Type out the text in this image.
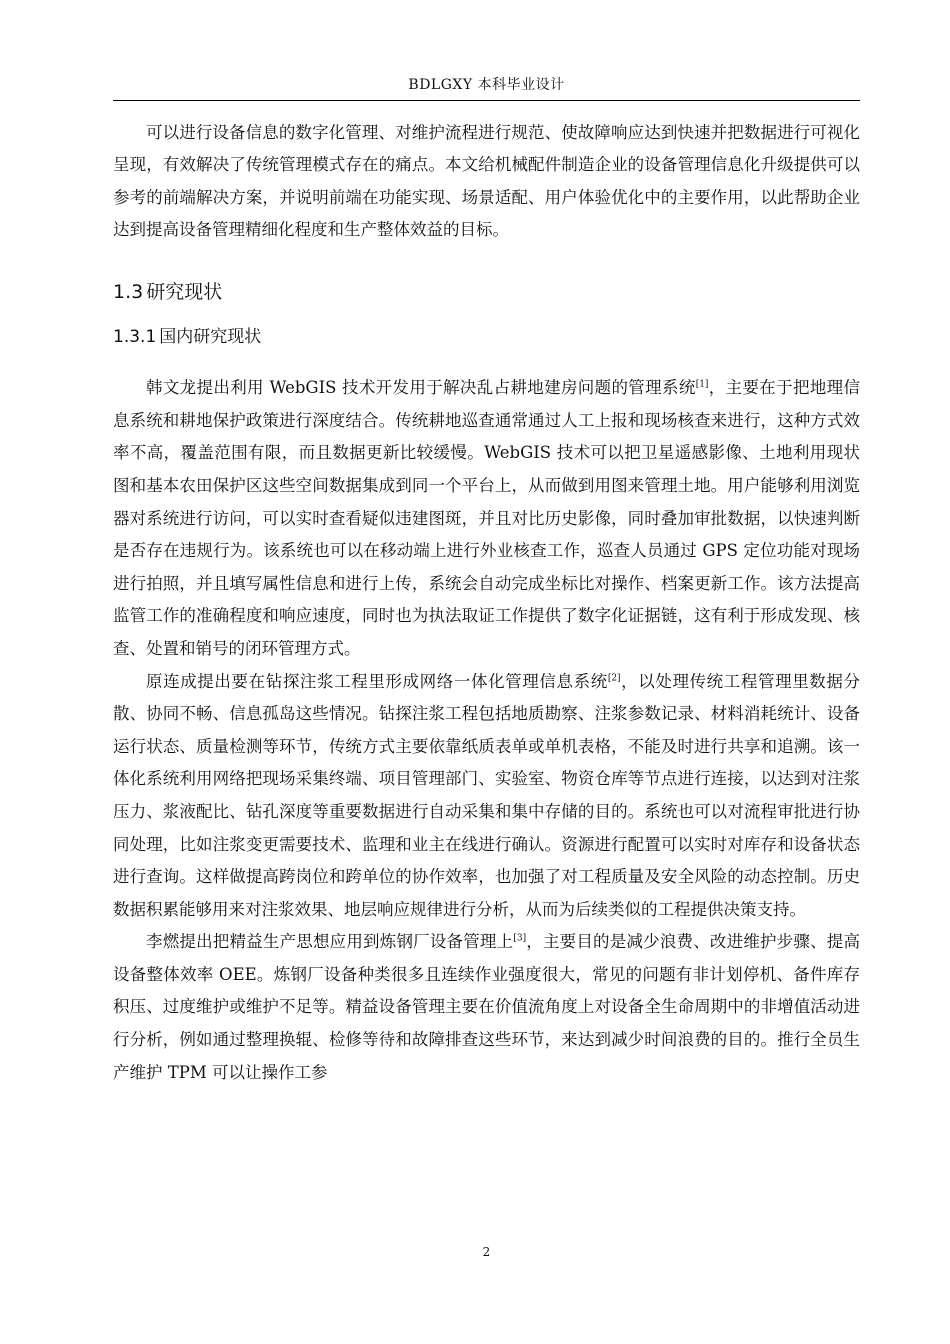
BDLGXY 本科毕业设计

可以进行设备信息的数字化管理、对维护流程进行规范、使故障响应达到快速并把数据进行可视化呈现，有效解决了传统管理模式存在的痛点。本文给机械配件制造企业的设备管理信息化升级提供可以参考的前端解决方案，并说明前端在功能实现、场景适配、用户体验优化中的主要作用，以此帮助企业达到提高设备管理精细化程度和生产整体效益的目标。

1.3 研究现状
1.3.1 国内研究现状

韩文龙提出利用 WebGIS 技术开发用于解决乱占耕地建房问题的管理系统[1]，主要在于把地理信息系统和耕地保护政策进行深度结合。传统耕地巡查通常通过人工上报和现场核查来进行，这种方式效率不高，覆盖范围有限，而且数据更新比较缓慢。WebGIS 技术可以把卫星遥感影像、土地利用现状图和基本农田保护区这些空间数据集成到同一个平台上，从而做到用图来管理土地。用户能够利用浏览器对系统进行访问，可以实时查看疑似违建图斑，并且对比历史影像，同时叠加审批数据，以快速判断是否存在违规行为。该系统也可以在移动端上进行外业核查工作，巡查人员通过 GPS 定位功能对现场进行拍照，并且填写属性信息和进行上传，系统会自动完成坐标比对操作、档案更新工作。该方法提高监管工作的准确程度和响应速度，同时也为执法取证工作提供了数字化证据链，这有利于形成发现、核查、处置和销号的闭环管理方式。

原连成提出要在钻探注浆工程里形成网络一体化管理信息系统[2]，以处理传统工程管理里数据分散、协同不畅、信息孤岛这些情况。钻探注浆工程包括地质勘察、注浆参数记录、材料消耗统计、设备运行状态、质量检测等环节，传统方式主要依靠纸质表单或单机表格，不能及时进行共享和追溯。该一体化系统利用网络把现场采集终端、项目管理部门、实验室、物资仓库等节点进行连接，以达到对注浆压力、浆液配比、钻孔深度等重要数据进行自动采集和集中存储的目的。系统也可以对流程审批进行协同处理，比如注浆变更需要技术、监理和业主在线进行确认。资源进行配置可以实时对库存和设备状态进行查询。这样做提高跨岗位和跨单位的协作效率，也加强了对工程质量及安全风险的动态控制。历史数据积累能够用来对注浆效果、地层响应规律进行分析，从而为后续类似的工程提供决策支持。

李燃提出把精益生产思想应用到炼钢厂设备管理上[3]，主要目的是减少浪费、改进维护步骤、提高设备整体效率 OEE。炼钢厂设备种类很多且连续作业强度很大，常见的问题有非计划停机、备件库存积压、过度维护或维护不足等。精益设备管理主要在价值流角度上对设备全生命周期中的非增值活动进行分析，例如通过整理换辊、检修等待和故障排查这些环节，来达到减少时间浪费的目的。推行全员生产维护 TPM 可以让操作工参

2
